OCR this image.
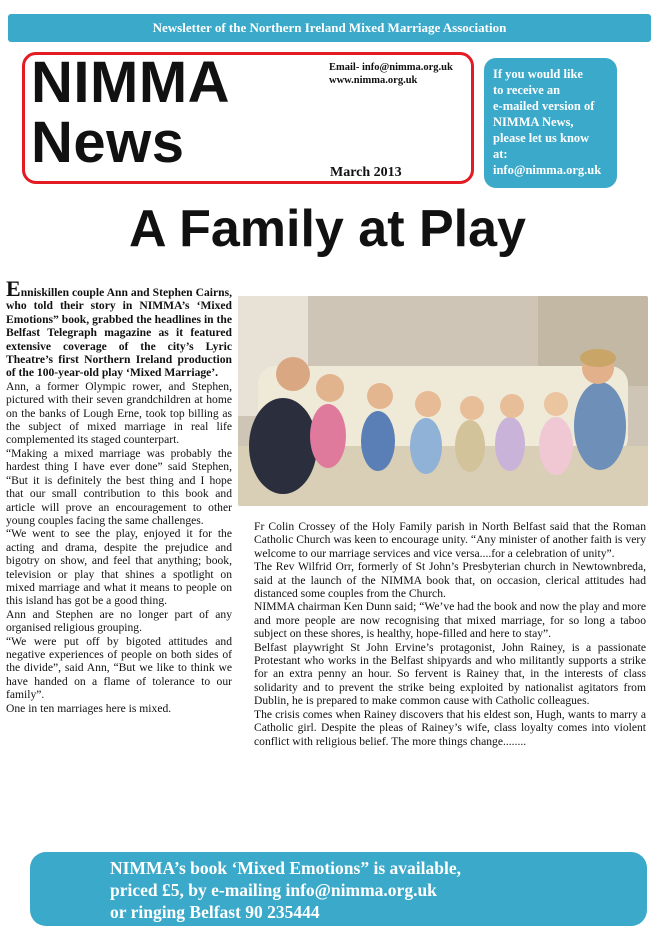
Newsletter of the Northern Ireland Mixed Marriage Association
NIMMA
News
Email- info@nimma.org.uk
www.nimma.org.uk
March 2013
If you would like
to receive an
e-mailed version of
NIMMA News,
please let us know
at:
info@nimma.org.uk
A Family at Play

Enniskillen couple Ann and Stephen Cairns, who told their story in NIMMA’s ‘Mixed Emotions” book, grabbed the headlines in the Belfast Telegraph magazine as it featured extensive coverage of the city’s Lyric Theatre’s first Northern Ireland production of the 100-year-old play ‘Mixed Marriage’.

Ann, a former Olympic rower, and Stephen, pictured with their seven grandchildren at home on the banks of Lough Erne, took top billing as the subject of mixed marriage in real life complemented its staged counterpart.

“Making a mixed marriage was probably the hardest thing I have ever done” said Stephen, “But it is definitely the best thing and I hope that our small contribution to this book and article will prove an encouragement to other young couples facing the same challenges.

“We went to see the play, enjoyed it for the acting and drama, despite the prejudice and bigotry on show, and feel that anything; book, television or play that shines a spotlight on mixed marriage and what it means to people on this island has got be a good thing.

Ann and Stephen are no longer part of any organised religious grouping.

“We were put off by bigoted attitudes and negative experiences of people on both sides of the divide”, said Ann, “But we like to think we have handed on a flame of tolerance to our family”.

One in ten marriages here is mixed.

Fr Colin Crossey of the Holy Family parish in North Belfast said that the Roman Catholic Church was keen to encourage unity. “Any minister of another faith is very welcome to our marriage services and vice versa....for a celebration of unity”.

The Rev Wilfrid Orr, formerly of St John’s Presbyterian church in Newtownbreda, said at the launch of the NIMMA book that, on occasion, clerical attitudes had distanced some couples from the Church.

NIMMA chairman Ken Dunn said; “We’ve had the book and now the play and more and more people are now recognising that mixed marriage, for so long a taboo subject on these shores, is healthy, hope-filled and here to stay”.

Belfast playwright St John Ervine’s protagonist, John Rainey, is a passionate Protestant who works in the Belfast shipyards and who militantly supports a strike for an extra penny an hour. So fervent is Rainey that, in the interests of class solidarity and to prevent the strike being exploited by nationalist agitators from Dublin, he is prepared to make common cause with Catholic colleagues.

The crisis comes when Rainey discovers that his eldest son, Hugh, wants to marry a Catholic girl. Despite the pleas of Rainey’s wife, class loyalty comes into violent conflict with religious belief. The more things change........

NIMMA’s book ‘Mixed Emotions” is available,
priced £5, by e-mailing info@nimma.org.uk
or ringing Belfast 90 235444
